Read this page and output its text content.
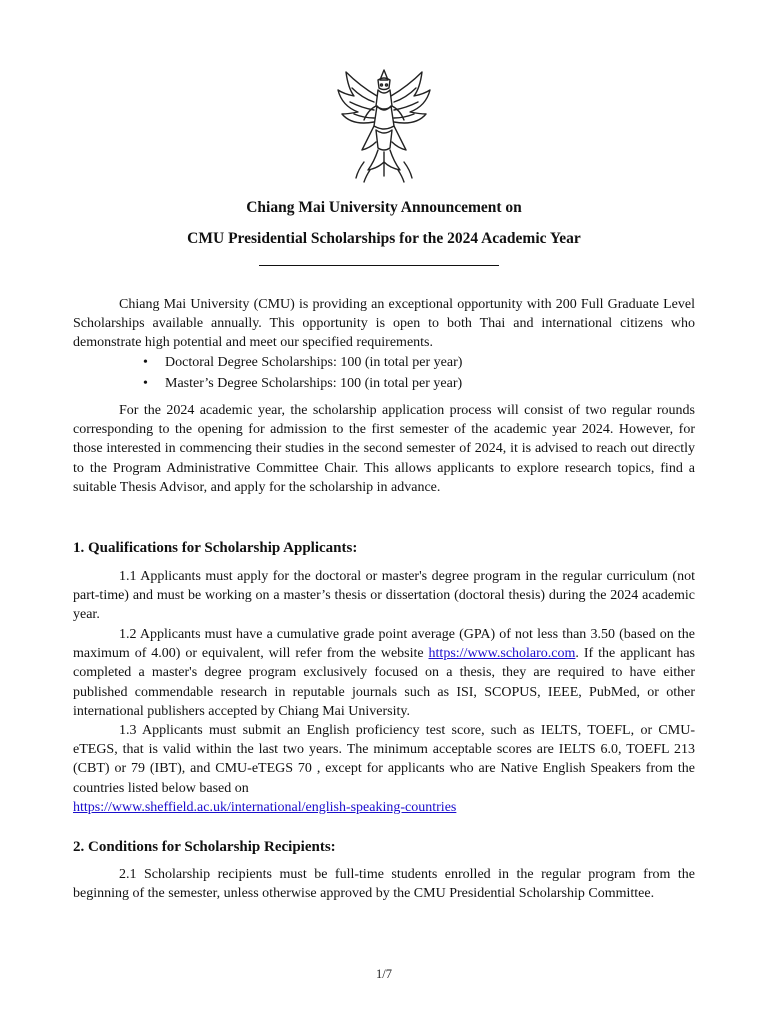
Chiang Mai University Announcement on
CMU Presidential Scholarships for the 2024 Academic Year

Chiang Mai University (CMU) is providing an exceptional opportunity with 200 Full Graduate Level Scholarships available annually. This opportunity is open to both Thai and international citizens who demonstrate high potential and meet our specified requirements.

• Doctoral Degree Scholarships: 100 (in total per year)
• Master’s Degree Scholarships: 100 (in total per year)

For the 2024 academic year, the scholarship application process will consist of two regular rounds corresponding to the opening for admission to the first semester of the academic year 2024. However, for those interested in commencing their studies in the second semester of 2024, it is advised to reach out directly to the Program Administrative Committee Chair. This allows applicants to explore research topics, find a suitable Thesis Advisor, and apply for the scholarship in advance.

1. Qualifications for Scholarship Applicants:

1.1 Applicants must apply for the doctoral or master's degree program in the regular curriculum (not part-time) and must be working on a master’s thesis or dissertation (doctoral thesis) during the 2024 academic year.

1.2 Applicants must have a cumulative grade point average (GPA) of not less than 3.50 (based on the maximum of 4.00) or equivalent, will refer from the website https://www.scholaro.com. If the applicant has completed a master's degree program exclusively focused on a thesis, they are required to have either published commendable research in reputable journals such as ISI, SCOPUS, IEEE, PubMed, or other international publishers accepted by Chiang Mai University.

1.3 Applicants must submit an English proficiency test score, such as IELTS, TOEFL, or CMU-eTEGS, that is valid within the last two years. The minimum acceptable scores are IELTS 6.0, TOEFL 213 (CBT) or 79 (IBT), and CMU-eTEGS 70 , except for applicants who are Native English Speakers from the countries listed below based on
https://www.sheffield.ac.uk/international/english-speaking-countries

2. Conditions for Scholarship Recipients:

2.1 Scholarship recipients must be full-time students enrolled in the regular program from the beginning of the semester, unless otherwise approved by the CMU Presidential Scholarship Committee.

1/7
